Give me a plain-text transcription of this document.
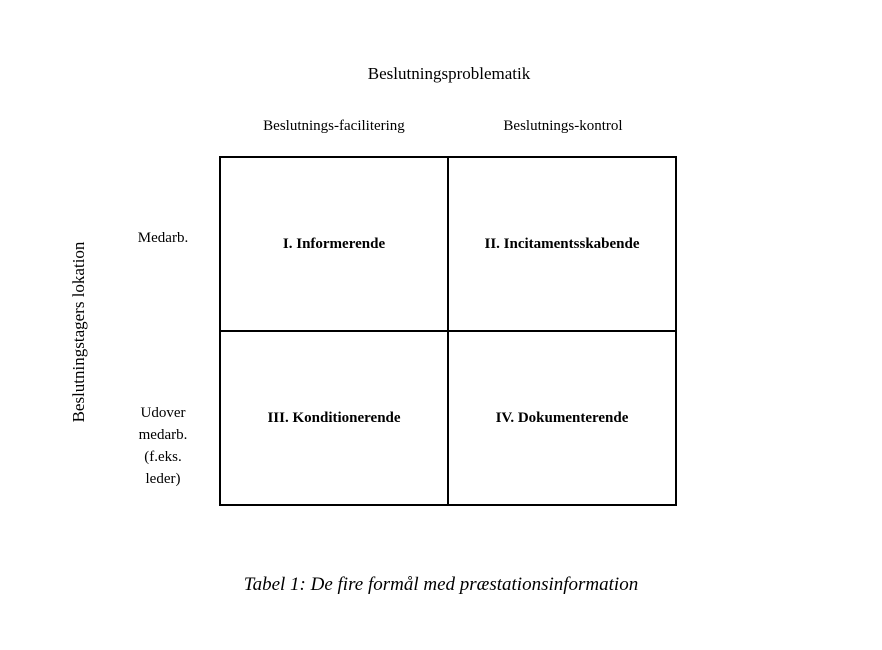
Beslutningsproblematik
Beslutnings-facilitering	Beslutnings-kontrol
Beslutningstagers lokation
Medarb.
Udover
medarb.
(f.eks.
leder)
I. Informerende	II. Incitamentsskabende
III. Konditionerende	IV. Dokumenterende
Tabel 1: De fire formål med præstationsinformation
